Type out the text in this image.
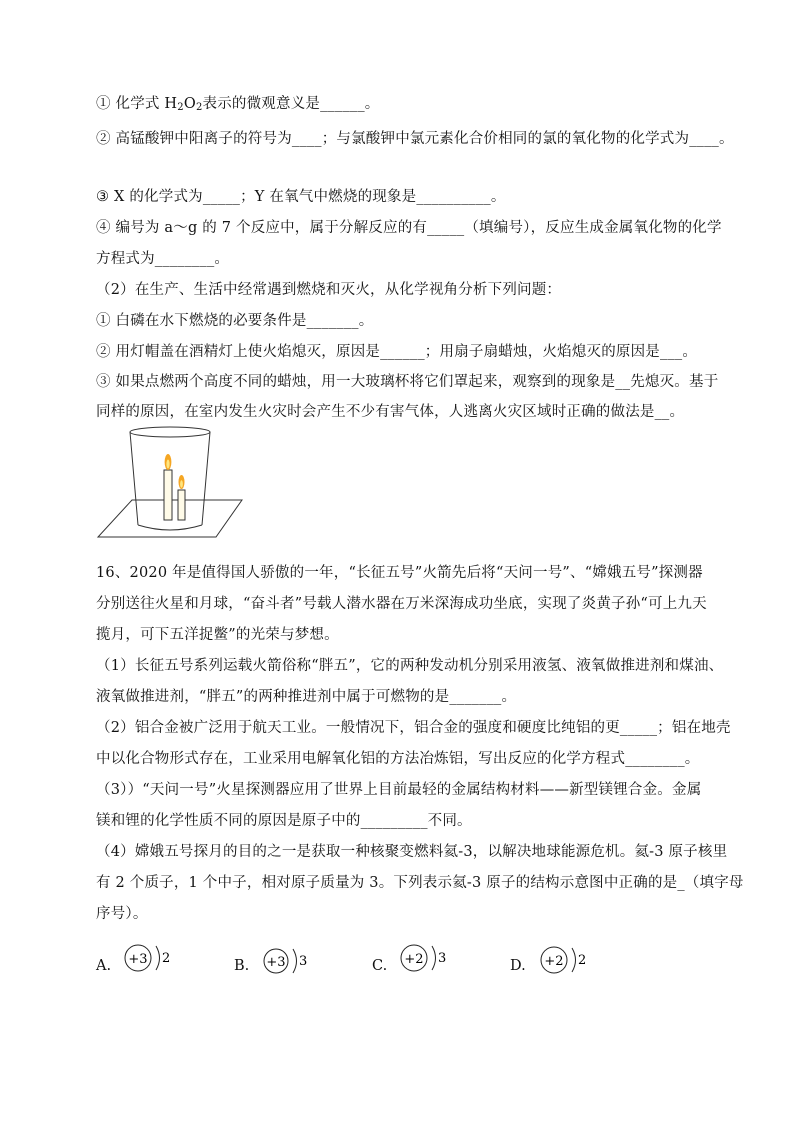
① 化学式 $H_2O_2$表示的微观意义是______。
② 高锰酸钾中阳离子的符号为____；与氯酸钾中氯元素化合价相同的氯的氧化物的化学式为____。
③ X 的化学式为_____；Y 在氧气中燃烧的现象是__________。
④ 编号为 a～g 的 7 个反应中，属于分解反应的有_____（填编号），反应生成金属氧化物的化学
方程式为________。
（2）在生产、生活中经常遇到燃烧和灭火，从化学视角分析下列问题：
① 白磷在水下燃烧的必要条件是_______。
② 用灯帽盖在酒精灯上使火焰熄灭，原因是______；用扇子扇蜡烛，火焰熄灭的原因是___。
③ 如果点燃两个高度不同的蜡烛，用一大玻璃杯将它们罩起来，观察到的现象是__先熄灭。基于
同样的原因，在室内发生火灾时会产生不少有害气体，人逃离火灾区域时正确的做法是__。
16、2020 年是值得国人骄傲的一年，“长征五号”火箭先后将“天问一号”、“嫦娥五号”探测器
分别送往火星和月球，“奋斗者”号载人潜水器在万米深海成功坐底，实现了炎黄子孙“可上九天
揽月，可下五洋捉鳖”的光荣与梦想。
（1）长征五号系列运载火箭俗称“胖五”，它的两种发动机分别采用液氢、液氧做推进剂和煤油、
液氧做推进剂，“胖五”的两种推进剂中属于可燃物的是_______。
（2）铝合金被广泛用于航天工业。一般情况下，铝合金的强度和硬度比纯铝的更_____；铝在地壳
中以化合物形式存在，工业采用电解氧化铝的方法冶炼铝，写出反应的化学方程式________。
（3））“天问一号”火星探测器应用了世界上目前最轻的金属结构材料——新型镁锂合金。金属
镁和锂的化学性质不同的原因是原子中的_________不同。
（4）嫦娥五号探月的目的之一是获取一种核聚变燃料氦-3，以解决地球能源危机。氦-3 原子核里
有 2 个质子，1 个中子，相对原子质量为 3。下列表示氦-3 原子的结构示意图中正确的是_（填字母
序号）。
A. +3 2	B. +3 3	C. +2 3	D. +2 2
